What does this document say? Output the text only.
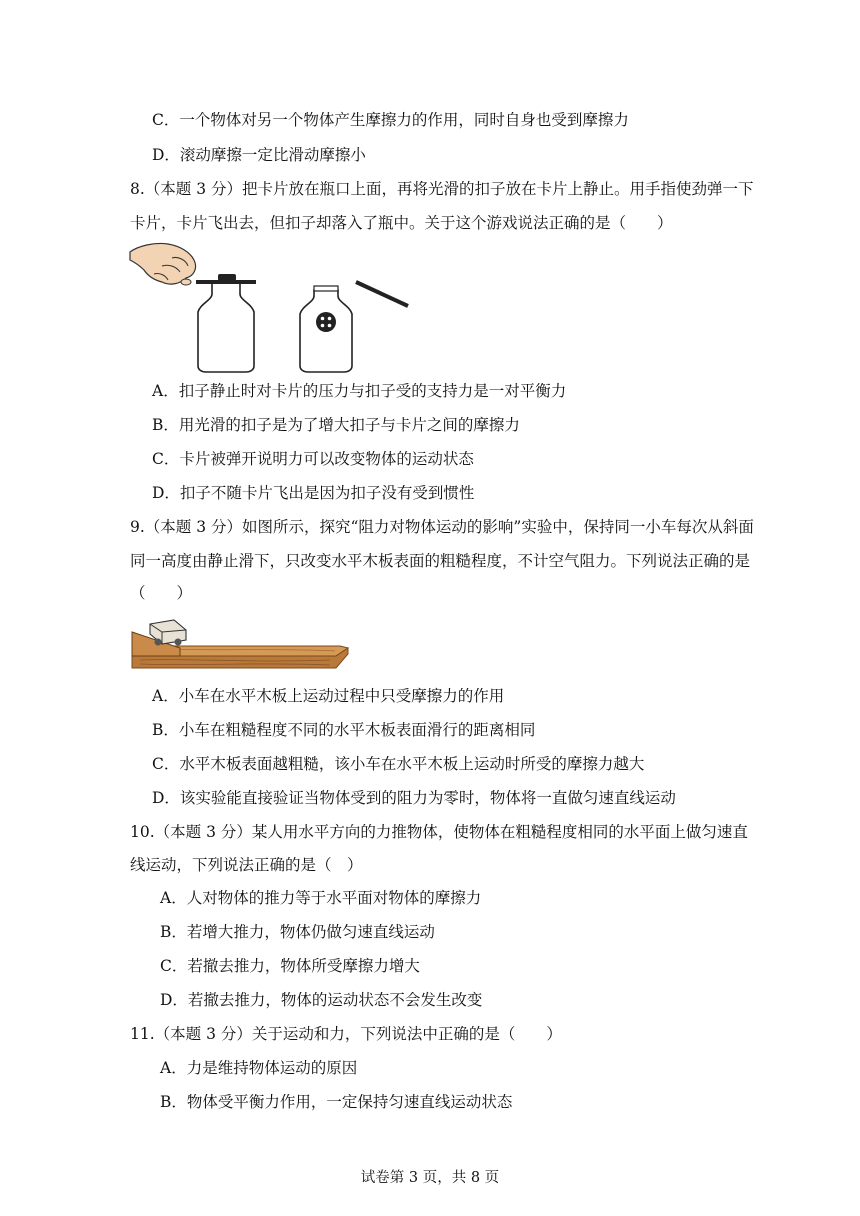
C．一个物体对另一个物体产生摩擦力的作用，同时自身也受到摩擦力
D．滚动摩擦一定比滑动摩擦小
8.（本题 3 分）把卡片放在瓶口上面，再将光滑的扣子放在卡片上静止。用手指使劲弹一下
卡片，卡片飞出去，但扣子却落入了瓶中。关于这个游戏说法正确的是（　　）
A．扣子静止时对卡片的压力与扣子受的支持力是一对平衡力
B．用光滑的扣子是为了增大扣子与卡片之间的摩擦力
C．卡片被弹开说明力可以改变物体的运动状态
D．扣子不随卡片飞出是因为扣子没有受到惯性
9.（本题 3 分）如图所示，探究“阻力对物体运动的影响”实验中，保持同一小车每次从斜面
同一高度由静止滑下，只改变水平木板表面的粗糙程度，不计空气阻力。下列说法正确的是
（　　）
A．小车在水平木板上运动过程中只受摩擦力的作用
B．小车在粗糙程度不同的水平木板表面滑行的距离相同
C．水平木板表面越粗糙，该小车在水平木板上运动时所受的摩擦力越大
D．该实验能直接验证当物体受到的阻力为零时，物体将一直做匀速直线运动
10.（本题 3 分）某人用水平方向的力推物体，使物体在粗糙程度相同的水平面上做匀速直
线运动，下列说法正确的是（　）
A．人对物体的推力等于水平面对物体的摩擦力
B．若增大推力，物体仍做匀速直线运动
C．若撤去推力，物体所受摩擦力增大
D．若撤去推力，物体的运动状态不会发生改变
11.（本题 3 分）关于运动和力，下列说法中正确的是（　　）
A．力是维持物体运动的原因
B．物体受平衡力作用，一定保持匀速直线运动状态
试卷第 3 页，共 8 页
